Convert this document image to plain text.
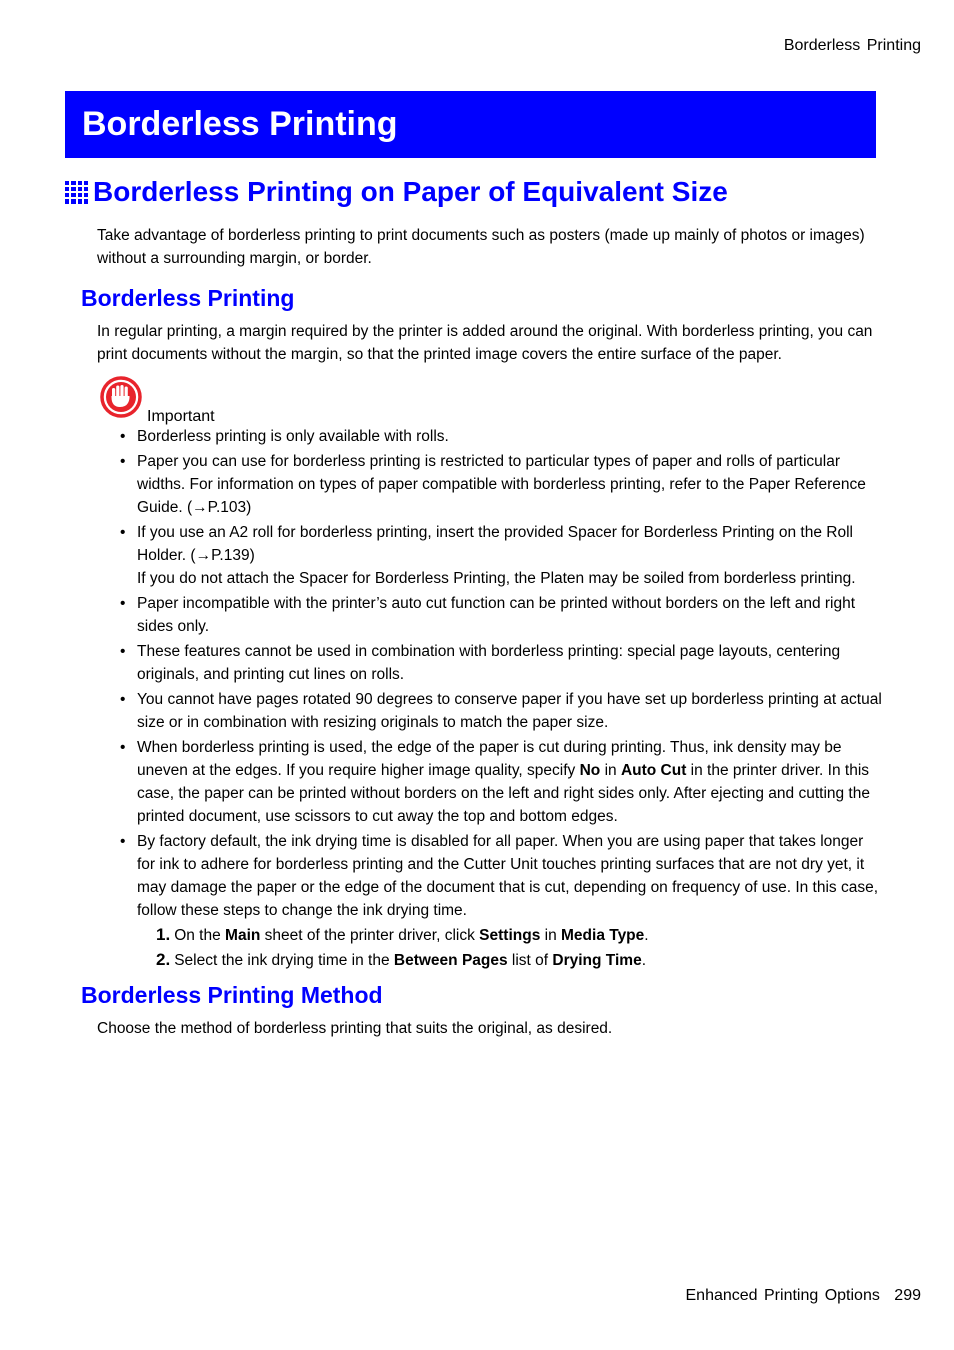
Borderless Printing
Borderless Printing
Borderless Printing on Paper of Equivalent Size
Take advantage of borderless printing to print documents such as posters (made up mainly of photos or images) without a surrounding margin, or border.
Borderless Printing
In regular printing, a margin required by the printer is added around the original. With borderless printing, you can print documents without the margin, so that the printed image covers the entire surface of the paper.
Important
• Borderless printing is only available with rolls.
• Paper you can use for borderless printing is restricted to particular types of paper and rolls of particular widths. For information on types of paper compatible with borderless printing, refer to the Paper Reference Guide. (→P.103)
• If you use an A2 roll for borderless printing, insert the provided Spacer for Borderless Printing on the Roll Holder. (→P.139)
If you do not attach the Spacer for Borderless Printing, the Platen may be soiled from borderless printing.
• Paper incompatible with the printer’s auto cut function can be printed without borders on the left and right sides only.
• These features cannot be used in combination with borderless printing: special page layouts, centering originals, and printing cut lines on rolls.
• You cannot have pages rotated 90 degrees to conserve paper if you have set up borderless printing at actual size or in combination with resizing originals to match the paper size.
• When borderless printing is used, the edge of the paper is cut during printing. Thus, ink density may be uneven at the edges. If you require higher image quality, specify No in Auto Cut in the printer driver. In this case, the paper can be printed without borders on the left and right sides only. After ejecting and cutting the printed document, use scissors to cut away the top and bottom edges.
• By factory default, the ink drying time is disabled for all paper. When you are using paper that takes longer for ink to adhere for borderless printing and the Cutter Unit touches printing surfaces that are not dry yet, it may damage the paper or the edge of the document that is cut, depending on frequency of use. In this case, follow these steps to change the ink drying time.
1. On the Main sheet of the printer driver, click Settings in Media Type.
2. Select the ink drying time in the Between Pages list of Drying Time.
Borderless Printing Method
Choose the method of borderless printing that suits the original, as desired.
Enhanced Printing Options 299
